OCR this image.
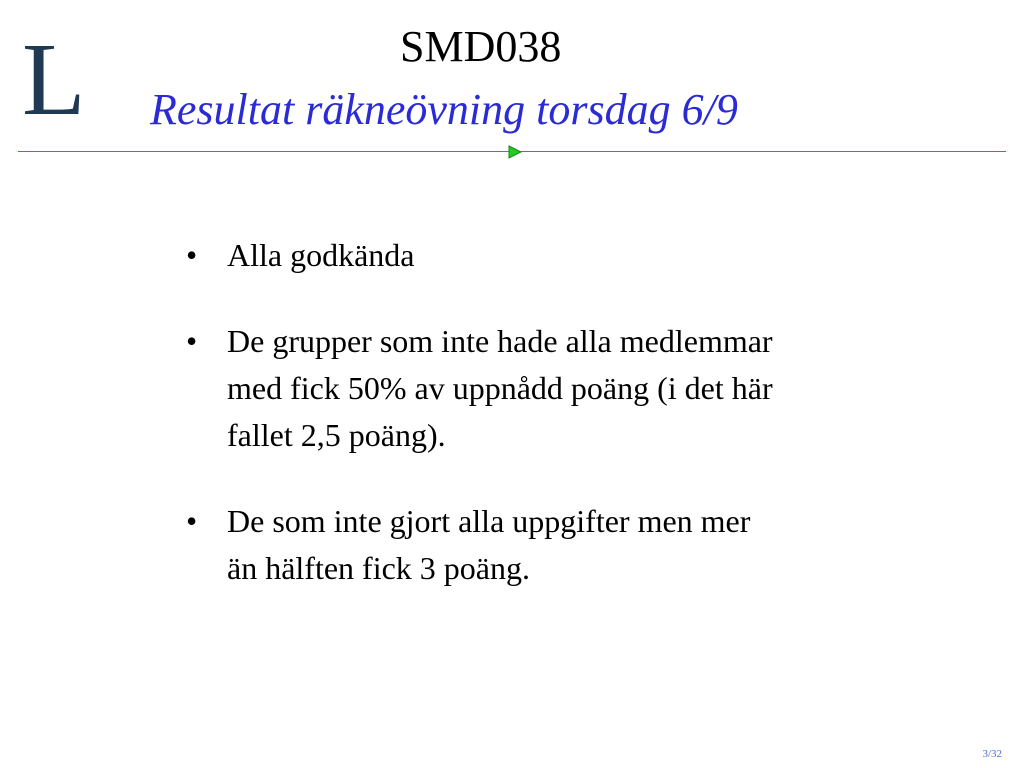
L	SMD038
Resultat räkneövning torsdag 6/9
• Alla godkända
• De grupper som inte hade alla medlemmar med fick 50% av uppnådd poäng (i det här fallet 2,5 poäng).
• De som inte gjort alla uppgifter men mer än hälften fick 3 poäng.
3/32
